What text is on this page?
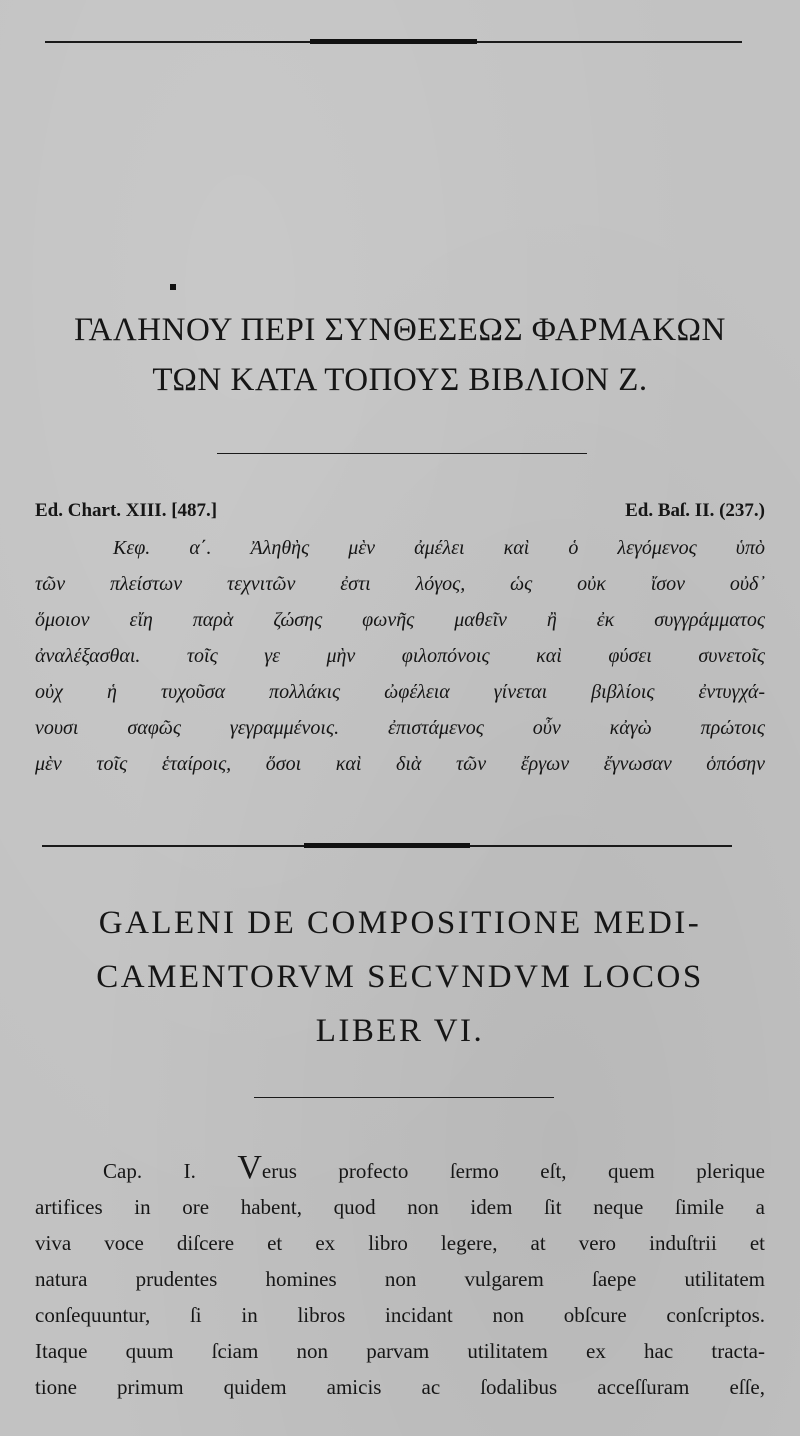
ΓΑΛΗΝΟΥ ΠΕΡΙ ΣΥΝΘΕΣΕΩΣ ΦΑΡΜΑΚΩΝ
ΤΩΝ ΚΑΤΑ ΤΟΠΟΥΣ ΒΙΒΛΙΟΝ Ζ.
Ed. Chart. XIII. [487.]	Ed. Baſ. II. (237.)
Κεφ. α΄. Ἀληθὴς μὲν ἀμέλει καὶ ὁ λεγόμενος ὑπὸ
τῶν πλείστων τεχνιτῶν ἐστι λόγος, ὡς οὐκ ἴσον οὐδ᾽
ὅμοιον εἴη παρὰ ζώσης φωνῆς μαθεῖν ἢ ἐκ συγγράμματος
ἀναλέξασθαι. τοῖς γε μὴν φιλοπόνοις καὶ φύσει συνετοῖς
οὐχ ἡ τυχοῦσα πολλάκις ὠφέλεια γίνεται βιβλίοις ἐντυγχά-
νουσι σαφῶς γεγραμμένοις. ἐπιστάμενος οὖν κἀγὼ πρώτοις
μὲν τοῖς ἑταίροις, ὅσοι καὶ διὰ τῶν ἔργων ἔγνωσαν ὁπόσην
GALENI DE COMPOSITIONE MEDI-
CAMENTORVM SECVNDVM LOCOS
LIBER VI.
Cap. I. Verus profecto ſermo eſt, quem plerique
artifices in ore habent, quod non idem ſit neque ſimile a
viva voce diſcere et ex libro legere, at vero induſtrii et
natura prudentes homines non vulgarem ſaepe utilitatem
conſequuntur, ſi in libros incidant non obſcure conſcriptos.
Itaque quum ſciam non parvam utilitatem ex hac tracta-
tione primum quidem amicis ac ſodalibus acceſſuram eſſe,
